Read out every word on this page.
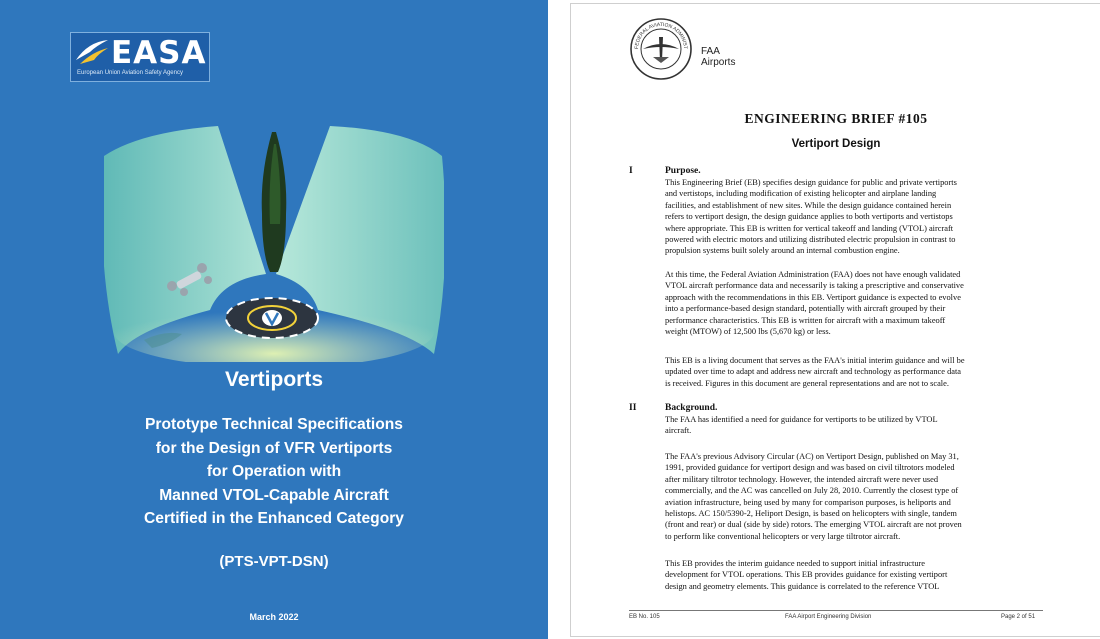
EASA
European Union Aviation Safety Agency
Vertiports
Prototype Technical Specifications
for the Design of VFR Vertiports
for Operation with
Manned VTOL-Capable Aircraft
Certified in the Enhanced Category
(PTS-VPT-DSN)
March 2022
FEDERAL AVIATION ADMINIST FAA
Airports
ENGINEERING BRIEF #105
Vertiport Design
I	Purpose.
This Engineering Brief (EB) specifies design guidance for public and private vertiports
and vertistops, including modification of existing helicopter and airplane landing
facilities, and establishment of new sites. While the design guidance contained herein
refers to vertiport design, the design guidance applies to both vertiports and vertistops
where appropriate. This EB is written for vertical takeoff and landing (VTOL) aircraft
powered with electric motors and utilizing distributed electric propulsion in contrast to
propulsion systems built solely around an internal combustion engine.
At this time, the Federal Aviation Administration (FAA) does not have enough validated
VTOL aircraft performance data and necessarily is taking a prescriptive and conservative
approach with the recommendations in this EB. Vertiport guidance is expected to evolve
into a performance-based design standard, potentially with aircraft grouped by their
performance characteristics. This EB is written for aircraft with a maximum takeoff
weight (MTOW) of 12,500 lbs (5,670 kg) or less.
This EB is a living document that serves as the FAA's initial interim guidance and will be
updated over time to adapt and address new aircraft and technology as performance data
is received. Figures in this document are general representations and are not to scale.
II	Background.
The FAA has identified a need for guidance for vertiports to be utilized by VTOL
aircraft.
The FAA's previous Advisory Circular (AC) on Vertiport Design, published on May 31,
1991, provided guidance for vertiport design and was based on civil tiltrotors modeled
after military tiltrotor technology. However, the intended aircraft were never used
commercially, and the AC was cancelled on July 28, 2010. Currently the closest type of
aviation infrastructure, being used by many for comparison purposes, is heliports and
helistops. AC 150/5390-2, Heliport Design, is based on helicopters with single, tandem
(front and rear) or dual (side by side) rotors. The emerging VTOL aircraft are not proven
to perform like conventional helicopters or very large tiltrotor aircraft.
This EB provides the interim guidance needed to support initial infrastructure
development for VTOL operations. This EB provides guidance for existing vertiport
design and geometry elements. This guidance is correlated to the reference VTOL
EB No. 105	FAA Airport Engineering Division	Page 2 of 51
